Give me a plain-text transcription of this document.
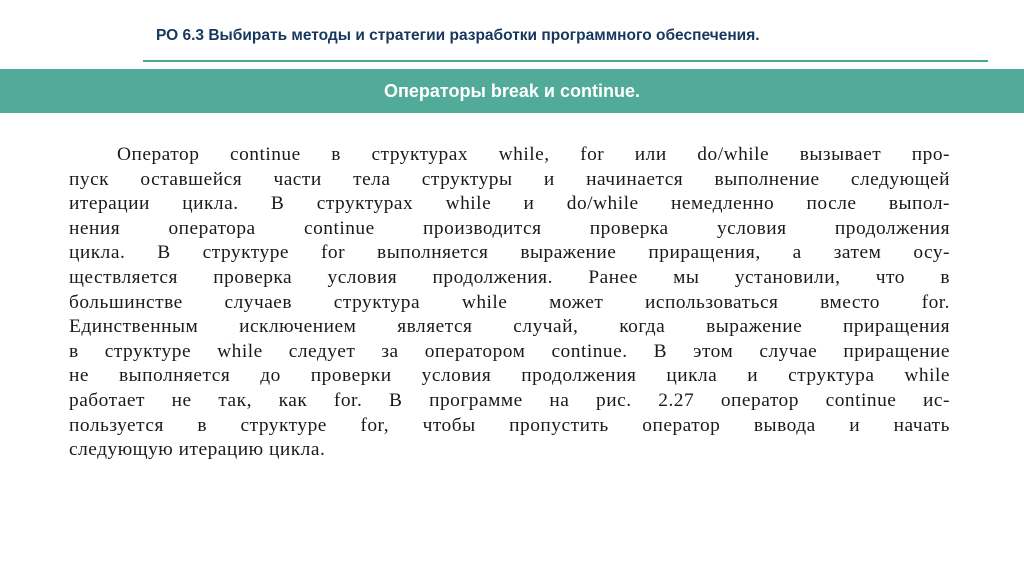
РО 6.3 Выбирать методы и стратегии разработки программного обеспечения.
Операторы break и continue.
Оператор continue в структурах while, for или do/while вызывает про-
пуск оставшейся части тела структуры и начинается выполнение следующей
итерации цикла. В структурах while и do/while немедленно после выпол-
нения оператора continue производится проверка условия продолжения
цикла. В структуре for выполняется выражение приращения, а затем осу-
ществляется проверка условия продолжения. Ранее мы установили, что в
большинстве случаев структура while может использоваться вместо for.
Единственным исключением является случай, когда выражение приращения
в структуре while следует за оператором continue. В этом случае приращение
не выполняется до проверки условия продолжения цикла и структура while
работает не так, как for. В программе на рис. 2.27 оператор continue ис-
пользуется в структуре for, чтобы пропустить оператор вывода и начать
следующую итерацию цикла.
